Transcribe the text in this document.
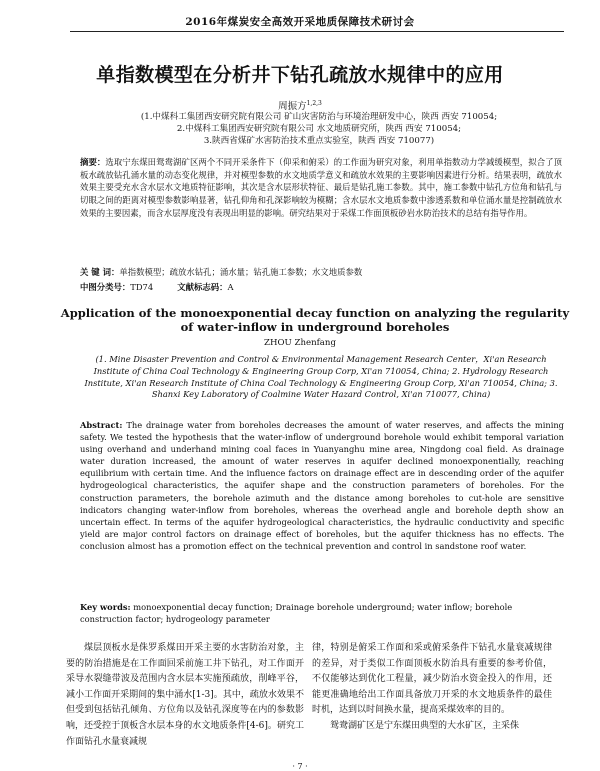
2016年煤炭安全高效开采地质保障技术研讨会
单指数模型在分析井下钻孔疏放水规律中的应用
周振方$^{1,2,3}$
(1.中煤科工集团西安研究院有限公司 矿山灾害防治与环境治理研发中心，陕西 西安 710054;
2.中煤科工集团西安研究院有限公司 水文地质研究所，陕西 西安 710054;
3.陕西省煤矿水害防治技术重点实验室，陕西 西安 710077)
摘要：选取宁东煤田鸳鸯湖矿区两个不同开采条件下（仰采和俯采）的工作面为研究对象，利用单指数动力学减缓模型，拟合了顶板水疏放钻孔涌水量的动态变化规律，并对模型参数的水文地质学意义和疏放水效果的主要影响因素进行分析。结果表明，疏放水效果主要受充水含水层水文地质特征影响，其次是含水层形状特征、最后是钻孔施工参数。其中，施工参数中钻孔方位角和钻孔与切眼之间的距离对模型参数影响显著，钻孔仰角和孔深影响较为模糊；含水层水文地质参数中渗透系数和单位涌水量是控制疏放水效果的主要因素，而含水层厚度没有表现出明显的影响。研究结果对于采煤工作面顶板砂岩水防治技术的总结有指导作用。
关 键 词：单指数模型；疏放水钻孔；涌水量；钻孔施工参数；水文地质参数
中图分类号：TD74	文献标志码：A
Application of the monoexponential decay function on analyzing the regularity of water-inflow in underground boreholes
ZHOU Zhenfang
(1. Mine Disaster Prevention and Control & Environmental Management Research Center，Xi'an Research Institute of China Coal Technology & Engineering Group Corp, Xi'an 710054, China; 2. Hydrology Research Institute, Xi'an Research Institute of China Coal Technology & Engineering Group Corp, Xi'an 710054, China; 3. Shanxi Key Laboratory of Coalmine Water Hazard Control, Xi'an 710077, China)
Abstract: The drainage water from boreholes decreases the amount of water reserves, and affects the mining safety. We tested the hypothesis that the water-inflow of underground borehole would exhibit temporal variation using overhand and underhand mining coal faces in Yuanyanghu mine area, Ningdong coal field. As drainage water duration increased, the amount of water reserves in aquifer declined monoexponentially, reaching equilibrium with certain time. And the influence factors on drainage effect are in descending order of the aquifer hydrogeological characteristics, the aquifer shape and the construction parameters of boreholes. For the construction parameters, the borehole azimuth and the distance among boreholes to cut-hole are sensitive indicators changing water-inflow from boreholes, whereas the overhead angle and borehole depth show an uncertain effect. In terms of the aquifer hydrogeological characteristics, the hydraulic conductivity and specific yield are major control factors on drainage effect of boreholes, but the aquifer thickness has no effects. The conclusion almost has a promotion effect on the technical prevention and control in sandstone roof water.
Key words: monoexponential decay function; Drainage borehole underground; water inflow; borehole construction factor; hydrogeology parameter
煤层顶板水是侏罗系煤田开采主要的水害防治对象，主要的防治措施是在工作面回采前施工井下钻孔，对工作面开采导水裂缝带波及范围内含水层本实施预疏放，削峰平谷，减小工作面开采期间的集中涌水[1-3]。其中，疏放水效果不但受到包括钻孔倾角、方位角以及钻孔深度等在内的参数影响，还受控于顶板含水层本身的水文地质条件[4-6]。研究工作面钻孔水量衰减规

律，特别是俯采工作面和采或俯采条件下钻孔水量衰减规律的差异，对于类似工作面顶板水防治具有重要的参考价值，不仅能够达到优化工程量，减少防治水资金投入的作用，还能更准确地给出工作面具备放刀开采的水文地质条件的最佳时机，达到以时间换水量，提高采煤效率的目的。

鸳鸯湖矿区是宁东煤田典型的大水矿区，主采侏

· 7 ·
